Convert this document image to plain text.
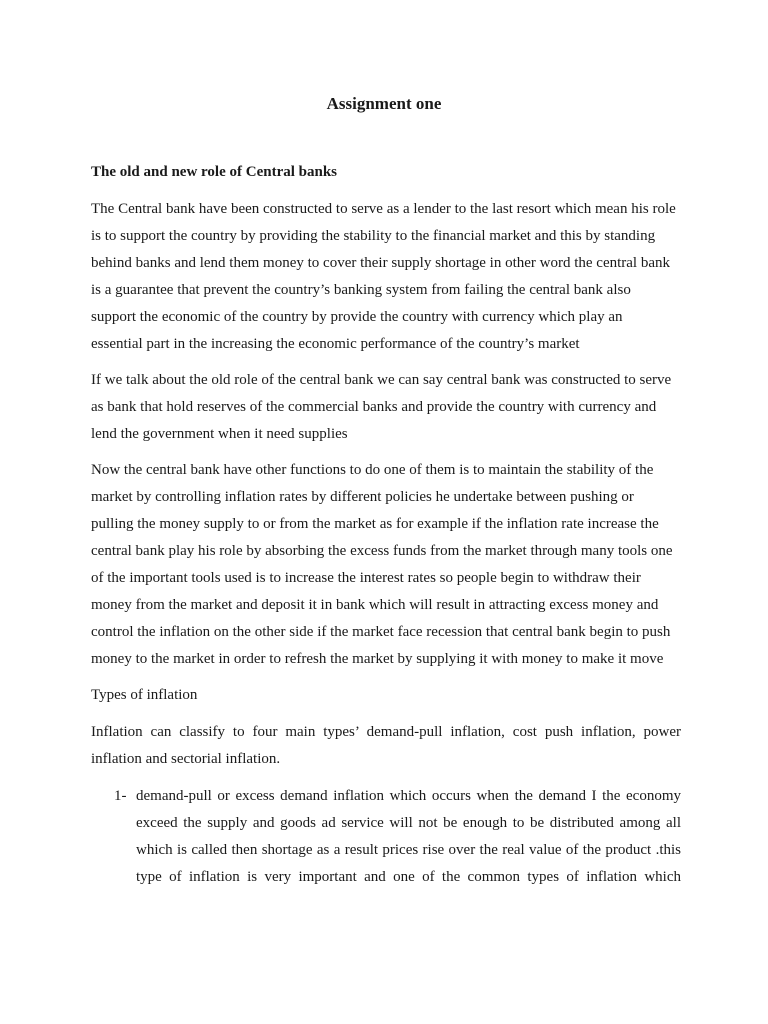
Assignment one
The old and new role of Central banks
The Central bank have been constructed to serve as a lender to the last resort which mean his role
is to support the country by providing the stability to the financial market and this by standing
behind banks and lend them money to cover their supply shortage in other word the central bank
is a guarantee that prevent the country’s banking system from failing the central bank also
support the economic of the country by provide the country with currency which play an
essential part in the increasing the economic performance of the country’s market
If we talk about the old role of the central bank we can say central bank was constructed to serve
as bank that hold reserves of the commercial banks and provide the country with currency and
lend the government when it need supplies
Now the central bank have other functions to do one of them is to maintain the stability of the
market by controlling inflation rates by different policies he undertake between pushing or
pulling the money supply to or from the market as for example if the inflation rate increase the
central bank play his role by absorbing the excess funds from the market through many tools one
of the important tools used is to increase the interest rates so people begin to withdraw their
money from the market and deposit it in bank which will result in attracting excess money and
control the inflation on the other side if the market face recession that central bank begin to push
money to the market in order to refresh the market by supplying it with money to make it move
Types of inflation
Inflation can classify to four main types’ demand-pull inflation, cost push inflation, power
inflation and sectorial inflation.
1- demand-pull or excess demand inflation which occurs when the demand I the economy
exceed the supply and goods ad service will not be enough to be distributed among all
which is called then shortage as a result prices rise over the real value of the product .this
type of inflation is very important and one of the common types of inflation which
